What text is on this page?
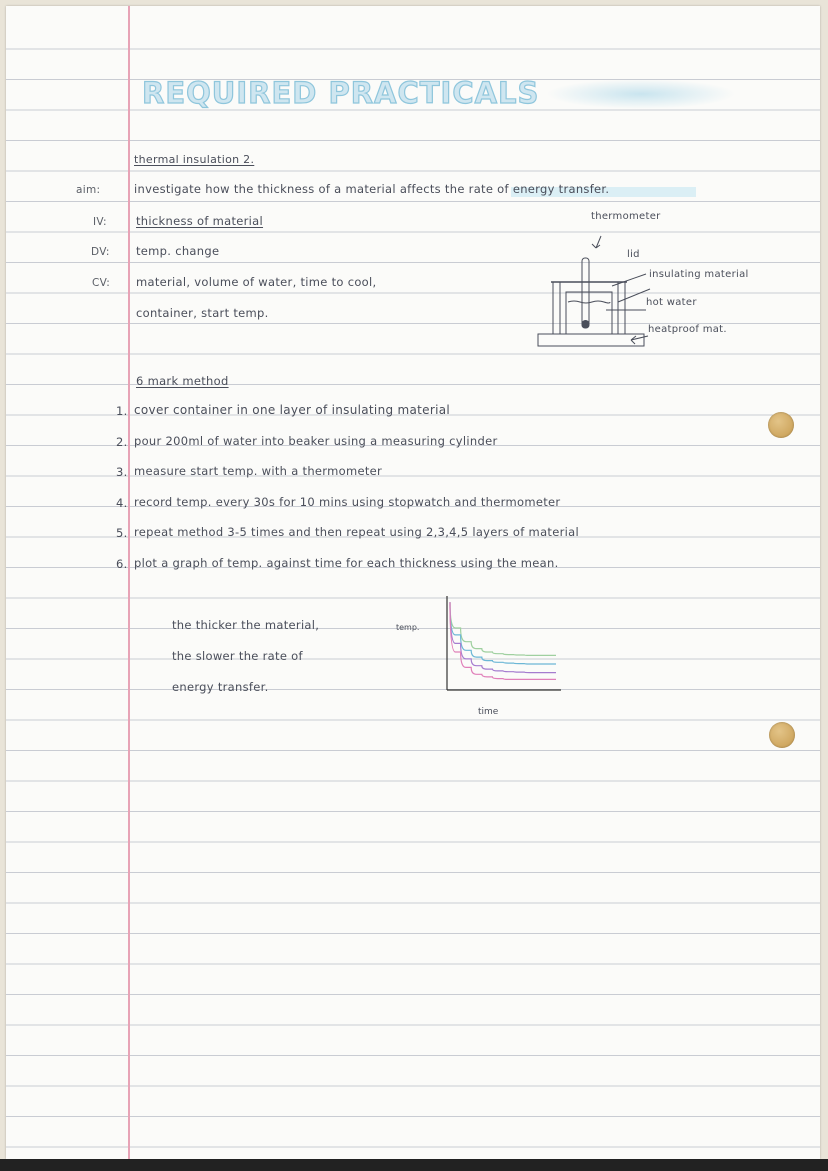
REQUIRED PRACTICALS
thermal insulation 2.
aim:	investigate how the thickness of a material affects the rate of energy transfer.
IV:	thickness of material
DV: temp. change
CV: material, volume of water, time to cool,
container, start temp.
thermometer
lid
insulating material
hot water
heatproof mat.
6 mark method
1. cover container in one layer of insulating material
2. pour 200ml of water into beaker using a measuring cylinder
3. measure start temp. with a thermometer
4. record temp. every 30s for 10 mins using stopwatch and thermometer
5. repeat method 3-5 times and then repeat using 2,3,4,5 layers of material
6. plot a graph of temp. against time for each thickness using the mean.
the thicker the material,
the slower the rate of
energy transfer.
temp.
time
